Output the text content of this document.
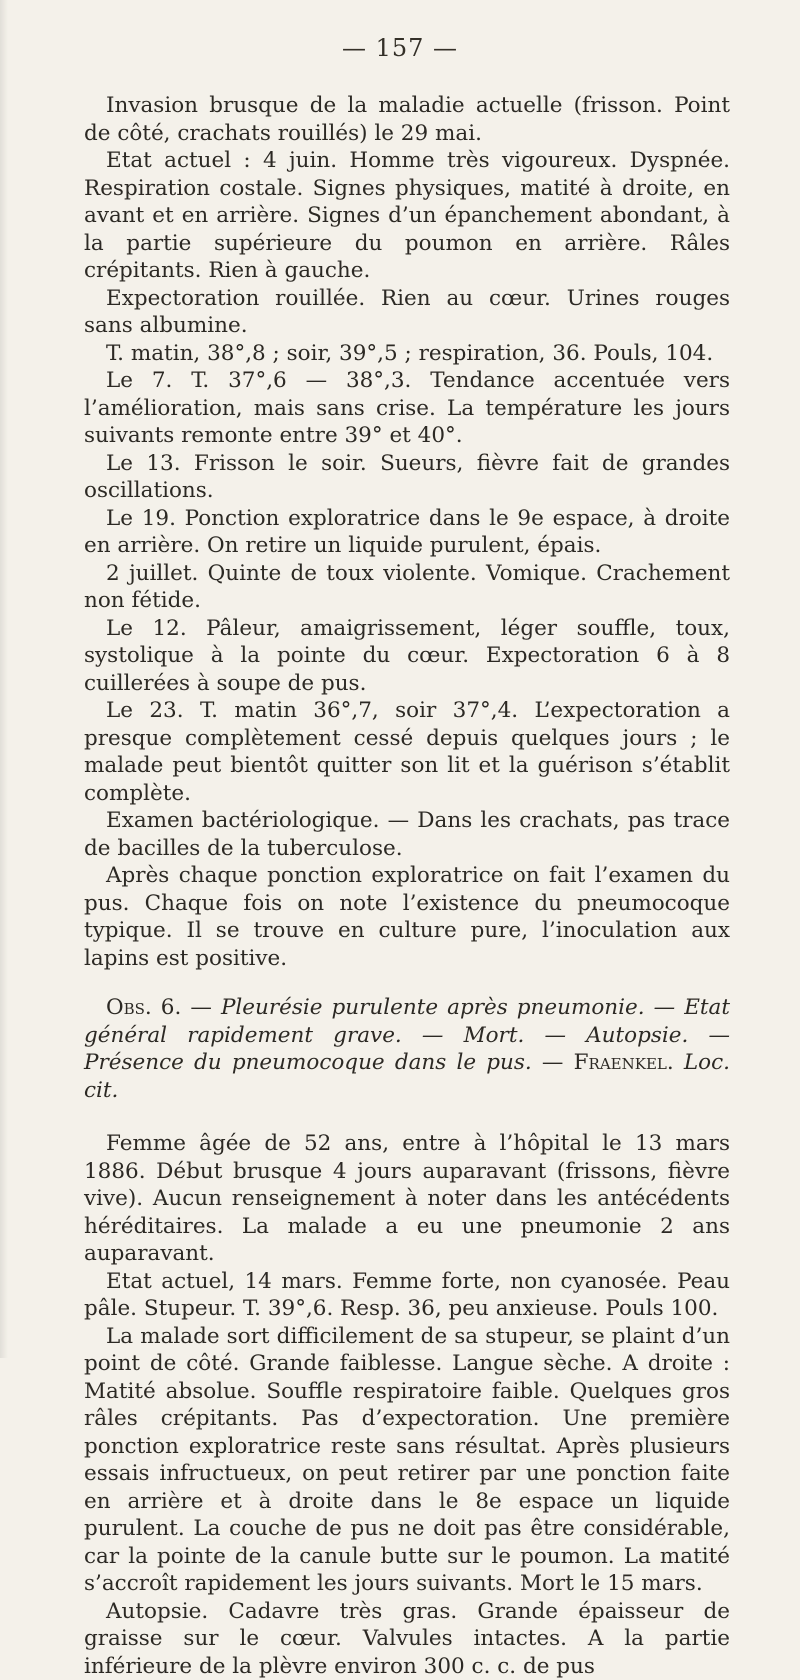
— 157 —

Invasion brusque de la maladie actuelle (frisson. Point de côté, crachats rouillés) le 29 mai.

Etat actuel : 4 juin. Homme très vigoureux. Dyspnée. Respiration costale. Signes physiques, matité à droite, en avant et en arrière. Signes d’un épanchement abondant, à la partie supérieure du poumon en arrière. Râles crépitants. Rien à gauche.

Expectoration rouillée. Rien au cœur. Urines rouges sans albumine.

T. matin, 38°,8 ; soir, 39°,5 ; respiration, 36. Pouls, 104.

Le 7. T. 37°,6 — 38°,3. Tendance accentuée vers l’amélioration, mais sans crise. La température les jours suivants remonte entre 39° et 40°.

Le 13. Frisson le soir. Sueurs, fièvre fait de grandes oscillations.

Le 19. Ponction exploratrice dans le 9e espace, à droite en arrière. On retire un liquide purulent, épais.

2 juillet. Quinte de toux violente. Vomique. Crachement non fétide.

Le 12. Pâleur, amaigrissement, léger souffle, toux, systolique à la pointe du cœur. Expectoration 6 à 8 cuillerées à soupe de pus.

Le 23. T. matin 36°,7, soir 37°,4. L’expectoration a presque complètement cessé depuis quelques jours ; le malade peut bientôt quitter son lit et la guérison s’établit complète.

Examen bactériologique. — Dans les crachats, pas trace de bacilles de la tuberculose.

Après chaque ponction exploratrice on fait l’examen du pus. Chaque fois on note l’existence du pneumocoque typique. Il se trouve en culture pure, l’inoculation aux lapins est positive.

Obs. 6. — Pleurésie purulente après pneumonie. — Etat général rapidement grave. — Mort. — Autopsie. — Présence du pneumocoque dans le pus. — Fraenkel. Loc. cit.

Femme âgée de 52 ans, entre à l’hôpital le 13 mars 1886. Début brusque 4 jours auparavant (frissons, fièvre vive). Aucun renseignement à noter dans les antécédents héréditaires. La malade a eu une pneumonie 2 ans auparavant.

Etat actuel, 14 mars. Femme forte, non cyanosée. Peau pâle. Stupeur. T. 39°,6. Resp. 36, peu anxieuse. Pouls 100.

La malade sort difficilement de sa stupeur, se plaint d’un point de côté. Grande faiblesse. Langue sèche. A droite : Matité absolue. Souffle respiratoire faible. Quelques gros râles crépitants. Pas d’expectoration. Une première ponction exploratrice reste sans résultat. Après plusieurs essais infructueux, on peut retirer par une ponction faite en arrière et à droite dans le 8e espace un liquide purulent. La couche de pus ne doit pas être considérable, car la pointe de la canule butte sur le poumon. La matité s’accroît rapidement les jours suivants. Mort le 15 mars.

Autopsie. Cadavre très gras. Grande épaisseur de graisse sur le cœur. Valvules intactes. A la partie inférieure de la plèvre environ 300 c. c. de pus
